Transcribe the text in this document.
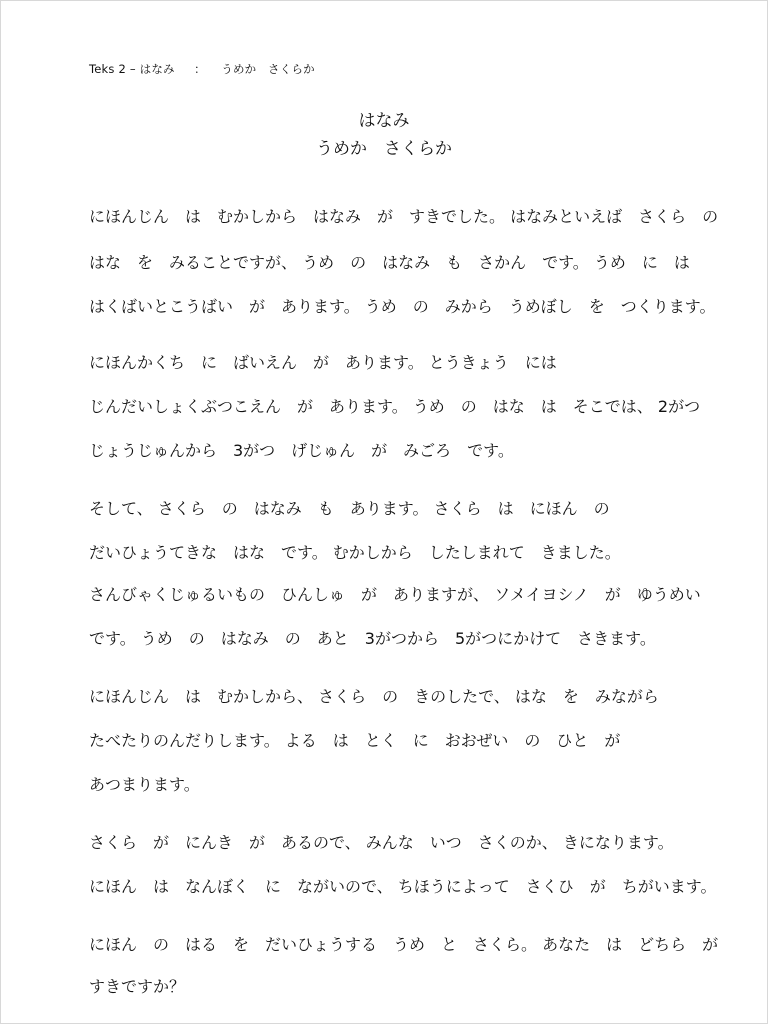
Teks 2 – はなみ　  ：    うめか　さくらか
はなみ
うめか　さくらか
にほんじん　は　むかしから　はなみ　が　すきでした。 はなみといえば　さくら　の
はな　を　みることですが、 うめ　の　はなみ　も　さかん　です。 うめ　に　は
はくばいとこうばい　が　あります。 うめ　の　みから　うめぼし　を　つくります。
にほんかくち　に　ばいえん　が　あります。 とうきょう　には
じんだいしょくぶつこえん　が　あります。 うめ　の　はな　は　そこでは、 2がつ
じょうじゅんから　3がつ　げじゅん　が　みごろ　です。
そして、 さくら　の　はなみ　も　あります。 さくら　は　にほん　の
だいひょうてきな　はな　です。 むかしから　したしまれて　きました。
さんびゃくじゅるいもの　ひんしゅ　が　ありますが、 ソメイヨシノ　が　ゆうめい
です。 うめ　の　はなみ　の　あと　3がつから　5がつにかけて　さきます。
にほんじん　は　むかしから、 さくら　の　きのしたで、 はな　を　みながら
たべたりのんだりします。 よる　は　とく　に　おおぜい　の　ひと　が
あつまります。
さくら　が　にんき　が　あるので、 みんな　いつ　さくのか、 きになります。
にほん　は　なんぼく　に　ながいので、 ちほうによって　さくひ　が　ちがいます。
にほん　の　はる　を　だいひょうする　うめ　と　さくら。 あなた　は　どちら　が
すきですか？
